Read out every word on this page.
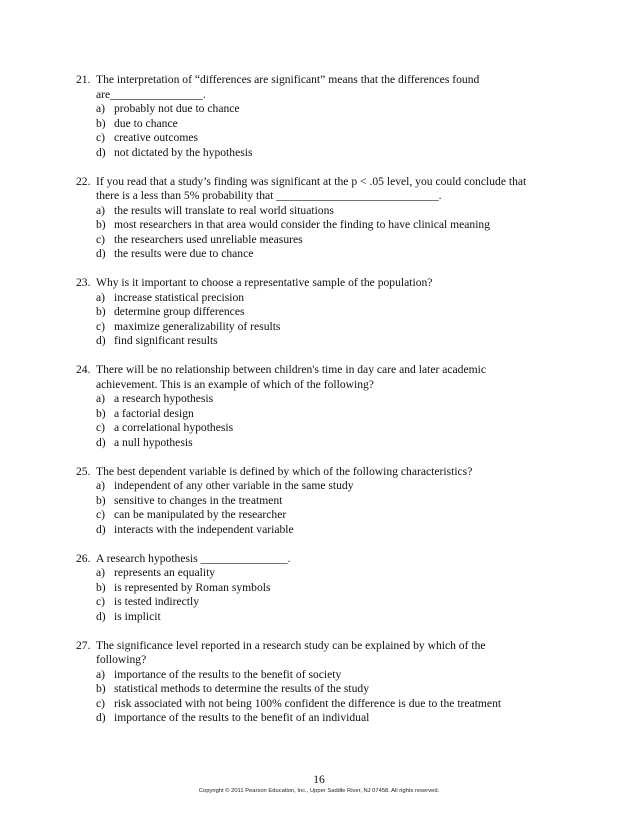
21. The interpretation of “differences are significant” means that the differences found
are________________.
a) probably not due to chance
b) due to chance
c) creative outcomes
d) not dictated by the hypothesis
22. If you read that a study’s finding was significant at the p < .05 level, you could conclude that
there is a less than 5% probability that ____________________________.
a) the results will translate to real world situations
b) most researchers in that area would consider the finding to have clinical meaning
c) the researchers used unreliable measures
d) the results were due to chance
23. Why is it important to choose a representative sample of the population?
a) increase statistical precision
b) determine group differences
c) maximize generalizability of results
d) find significant results
24. There will be no relationship between children's time in day care and later academic
achievement. This is an example of which of the following?
a) a research hypothesis
b) a factorial design
c) a correlational hypothesis
d) a null hypothesis
25. The best dependent variable is defined by which of the following characteristics?
a) independent of any other variable in the same study
b) sensitive to changes in the treatment
c) can be manipulated by the researcher
d) interacts with the independent variable
26. A research hypothesis _______________.
a) represents an equality
b) is represented by Roman symbols
c) is tested indirectly
d) is implicit
27. The significance level reported in a research study can be explained by which of the
following?
a) importance of the results to the benefit of society
b) statistical methods to determine the results of the study
c) risk associated with not being 100% confident the difference is due to the treatment
d) importance of the results to the benefit of an individual
16
Copyright © 2011 Pearson Education, Inc., Upper Saddle River, NJ 07458. All rights reserved.
